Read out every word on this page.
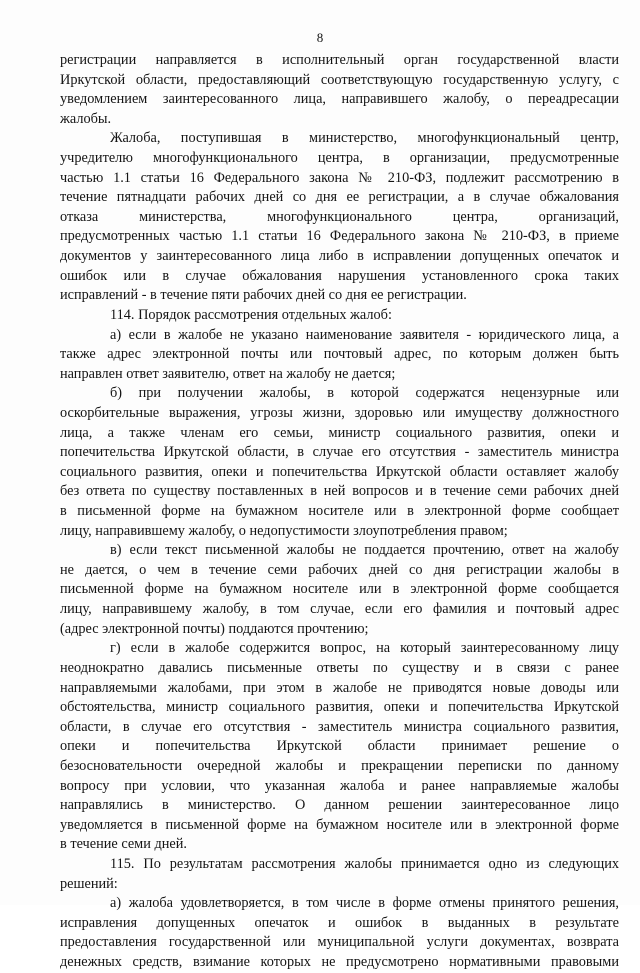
8
регистрации направляется в исполнительный орган государственной власти
Иркутской области, предоставляющий соответствующую государственную услугу, с
уведомлением заинтересованного лица, направившего жалобу, о переадресации
жалобы.
Жалоба, поступившая в министерство, многофункциональный центр,
учредителю многофункционального центра, в организации, предусмотренные
частью 1.1 статьи 16 Федерального закона № 210-ФЗ, подлежит рассмотрению в
течение пятнадцати рабочих дней со дня ее регистрации, а в случае обжалования
отказа министерства, многофункционального центра, организаций,
предусмотренных частью 1.1 статьи 16 Федерального закона № 210-ФЗ, в приеме
документов у заинтересованного лица либо в исправлении допущенных опечаток и
ошибок или в случае обжалования нарушения установленного срока таких
исправлений - в течение пяти рабочих дней со дня ее регистрации.
114. Порядок рассмотрения отдельных жалоб:
а) если в жалобе не указано наименование заявителя - юридического лица, а
также адрес электронной почты или почтовый адрес, по которым должен быть
направлен ответ заявителю, ответ на жалобу не дается;
б) при получении жалобы, в которой содержатся нецензурные или
оскорбительные выражения, угрозы жизни, здоровью или имуществу должностного
лица, а также членам его семьи, министр социального развития, опеки и
попечительства Иркутской области, в случае его отсутствия - заместитель министра
социального развития, опеки и попечительства Иркутской области оставляет жалобу
без ответа по существу поставленных в ней вопросов и в течение семи рабочих дней
в письменной форме на бумажном носителе или в электронной форме сообщает
лицу, направившему жалобу, о недопустимости злоупотребления правом;
в) если текст письменной жалобы не поддается прочтению, ответ на жалобу
не дается, о чем в течение семи рабочих дней со дня регистрации жалобы в
письменной форме на бумажном носителе или в электронной форме сообщается
лицу, направившему жалобу, в том случае, если его фамилия и почтовый адрес
(адрес электронной почты) поддаются прочтению;
г) если в жалобе содержится вопрос, на который заинтересованному лицу
неоднократно давались письменные ответы по существу и в связи с ранее
направляемыми жалобами, при этом в жалобе не приводятся новые доводы или
обстоятельства, министр социального развития, опеки и попечительства Иркутской
области, в случае его отсутствия - заместитель министра социального развития,
опеки и попечительства Иркутской области принимает решение о
безосновательности очередной жалобы и прекращении переписки по данному
вопросу при условии, что указанная жалоба и ранее направляемые жалобы
направлялись в министерство. О данном решении заинтересованное лицо
уведомляется в письменной форме на бумажном носителе или в электронной форме
в течение семи дней.
115. По результатам рассмотрения жалобы принимается одно из следующих
решений:
а) жалоба удовлетворяется, в том числе в форме отмены принятого решения,
исправления допущенных опечаток и ошибок в выданных в результате
предоставления государственной или муниципальной услуги документах, возврата
денежных средств, взимание которых не предусмотрено нормативными правовыми
